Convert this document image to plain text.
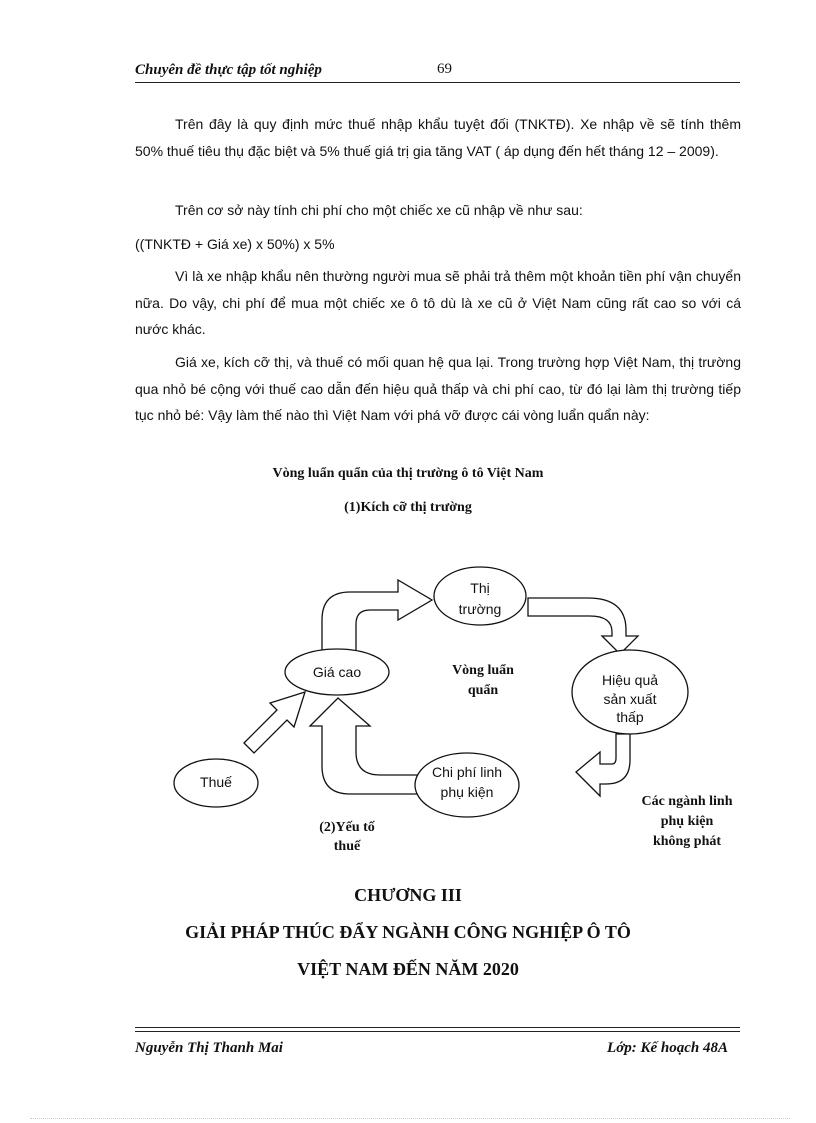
Chuyên đề thực tập tốt nghiệp	69

Trên đây là quy định mức thuế nhập khẩu tuyệt đối (TNKTĐ). Xe nhập về sẽ tính thêm 50% thuế tiêu thụ đặc biệt và 5% thuế giá trị gia tăng VAT ( áp dụng đến hết tháng 12 – 2009).

Trên cơ sở này tính chi phí cho một chiếc xe cũ nhập về như sau:

((TNKTĐ + Giá xe) x 50%) x 5%

Vì là xe nhập khẩu nên thường người mua sẽ phải trả thêm một khoản tiền phí vận chuyển nữa. Do vậy, chi phí để mua một chiếc xe ô tô dù là xe cũ ở Việt Nam cũng rất cao so với cá nước khác.

Giá xe, kích cỡ thị, và thuế có mối quan hệ qua lại. Trong trường hợp Việt Nam, thị trường qua nhỏ bé cộng với thuế cao dẫn đến hiệu quả thấp và chi phí cao, từ đó lại làm thị trường tiếp tục nhỏ bé: Vậy làm thế nào thì Việt Nam với phá vỡ được cái vòng luẩn quẩn này:

Vòng luẩn quẩn của thị trường ô tô Việt Nam
(1)Kích cỡ thị trường
Thị
trường
Giá cao	Hiệu quả
sản xuất
thấp
Chi phí linh
phụ kiện
Thuế
Vòng luẩn
quẩn
(2)Yếu tố
thuế
Các ngành linh
phụ kiện
không phát
CHƯƠNG III
GIẢI PHÁP THÚC ĐẨY NGÀNH CÔNG NGHIỆP Ô TÔ
VIỆT NAM ĐẾN NĂM 2020
Nguyễn Thị Thanh Mai	Lớp: Kế hoạch 48A
